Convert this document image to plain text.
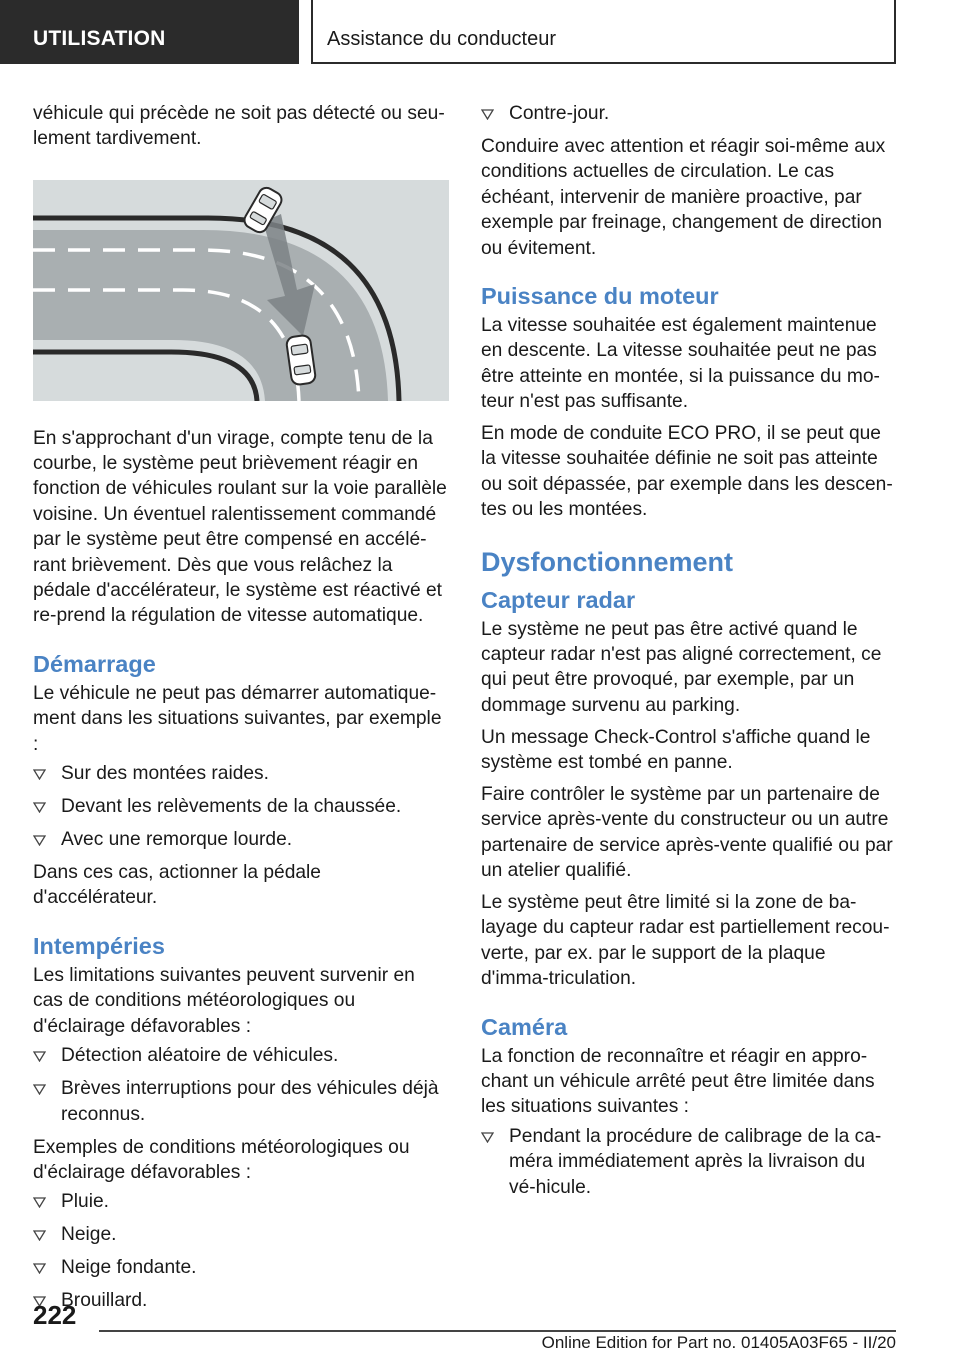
UTILISATION	Assistance du conducteur

véhicule qui précède ne soit pas détecté ou seu-lement tardivement.

En s'approchant d'un virage, compte tenu de la courbe, le système peut brièvement réagir en fonction de véhicules roulant sur la voie parallèle voisine. Un éventuel ralentissement commandé par le système peut être compensé en accélé-rant brièvement. Dès que vous relâchez la pédale d'accélérateur, le système est réactivé et re-prend la régulation de vitesse automatique.

Démarrage

Le véhicule ne peut pas démarrer automatique-ment dans les situations suivantes, par exemple :

Sur des montées raides.
Devant les relèvements de la chaussée.
Avec une remorque lourde.

Dans ces cas, actionner la pédale d'accélérateur.

Intempéries

Les limitations suivantes peuvent survenir en cas de conditions météorologiques ou d'éclairage défavorables :

Détection aléatoire de véhicules.
Brèves interruptions pour des véhicules déjà reconnus.

Exemples de conditions météorologiques ou d'éclairage défavorables :

Pluie.
Neige.
Neige fondante.
Brouillard.
Contre-jour.

Conduire avec attention et réagir soi-même aux conditions actuelles de circulation. Le cas échéant, intervenir de manière proactive, par exemple par freinage, changement de direction ou évitement.

Puissance du moteur

La vitesse souhaitée est également maintenue en descente. La vitesse souhaitée peut ne pas être atteinte en montée, si la puissance du mo-teur n'est pas suffisante.

En mode de conduite ECO PRO, il se peut que la vitesse souhaitée définie ne soit pas atteinte ou soit dépassée, par exemple dans les descen-tes ou les montées.

Dysfonctionnement
Capteur radar

Le système ne peut pas être activé quand le capteur radar n'est pas aligné correctement, ce qui peut être provoqué, par exemple, par un dommage survenu au parking.

Un message Check-Control s'affiche quand le système est tombé en panne.

Faire contrôler le système par un partenaire de service après-vente du constructeur ou un autre partenaire de service après-vente qualifié ou par un atelier qualifié.

Le système peut être limité si la zone de ba-layage du capteur radar est partiellement recou-verte, par ex. par le support de la plaque d'imma-triculation.

Caméra

La fonction de reconnaître et réagir en appro-chant un véhicule arrêté peut être limitée dans les situations suivantes :

Pendant la procédure de calibrage de la ca-méra immédiatement après la livraison du vé-hicule.
222
Online Edition for Part no. 01405A03F65 - II/20
